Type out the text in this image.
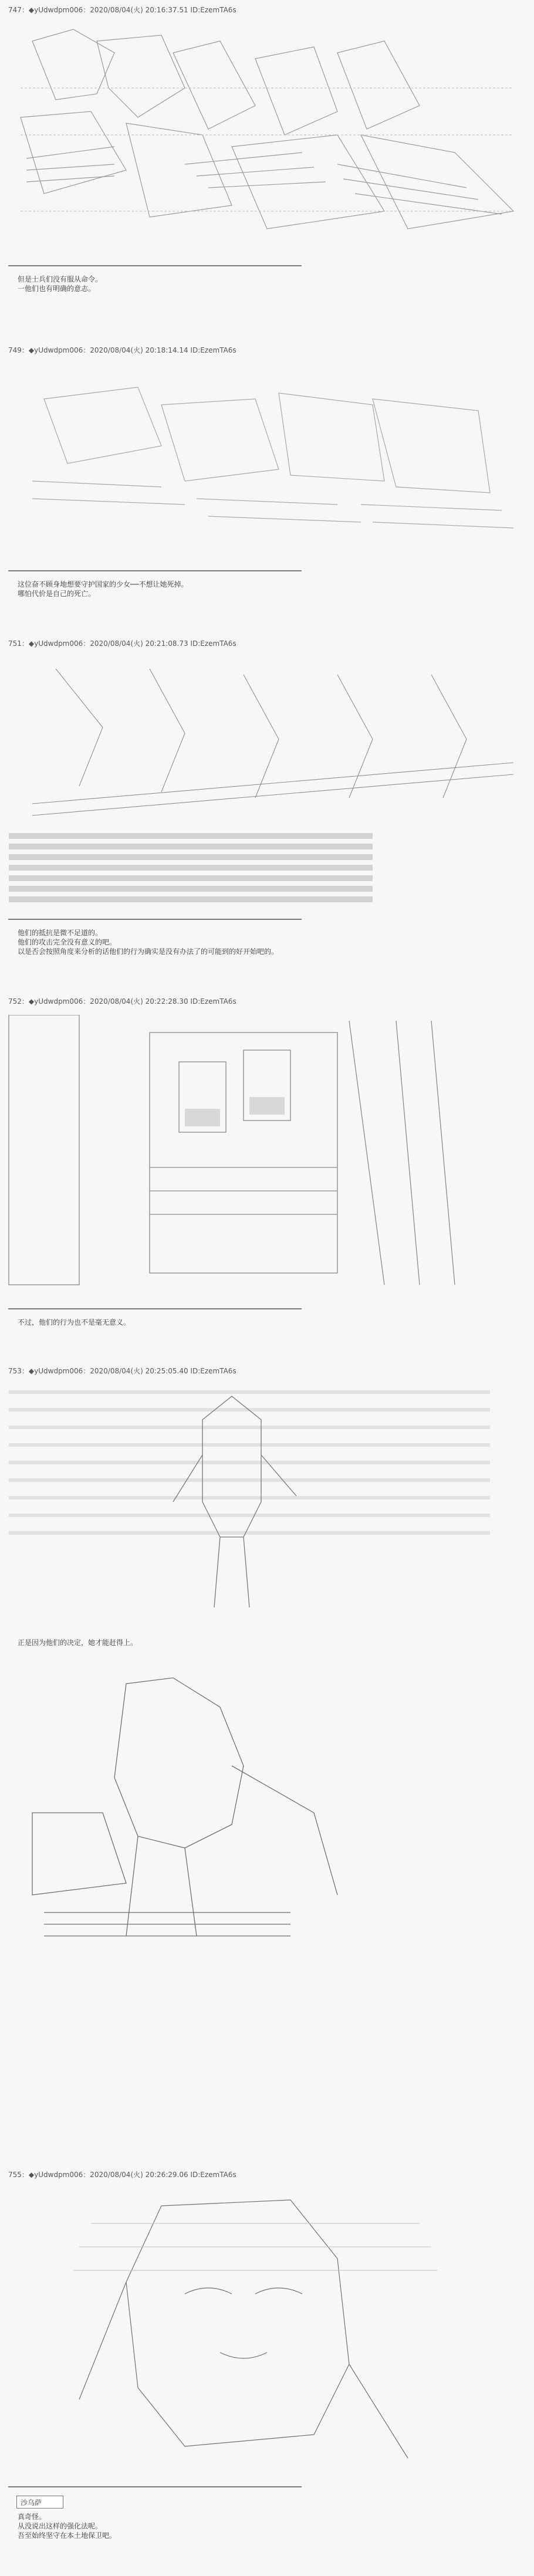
747：◆yUdwdpm006：2020/08/04(火) 20:16:37.51 ID:EzemTA6s
但是士兵们没有服从命令。
一他们也有明确的意志。
749：◆yUdwdpm006：2020/08/04(火) 20:18:14.14 ID:EzemTA6s
这位奋不顾身地想要守护国家的少女──不想让她死掉。
哪怕代价是自己的死亡。
751：◆yUdwdpm006：2020/08/04(火) 20:21:08.73 ID:EzemTA6s
他们的抵抗是微不足道的。
他们的攻击完全没有意义的吧。
以是否会按照角度来分析的话他们的行为确实是没有办法了的可能到的好开始吧的。
752：◆yUdwdpm006：2020/08/04(火) 20:22:28.30 ID:EzemTA6s
不过，他们的行为也不是毫无意义。
753：◆yUdwdpm006：2020/08/04(火) 20:25:05.40 ID:EzemTA6s
正是因为他们的决定，她才能赶得上。
755：◆yUdwdpm006：2020/08/04(火) 20:26:29.06 ID:EzemTA6s
沙乌萨
真奇怪。
从没说出这样的强化法呢。
吾至始终坚守在本土地保卫吧。
